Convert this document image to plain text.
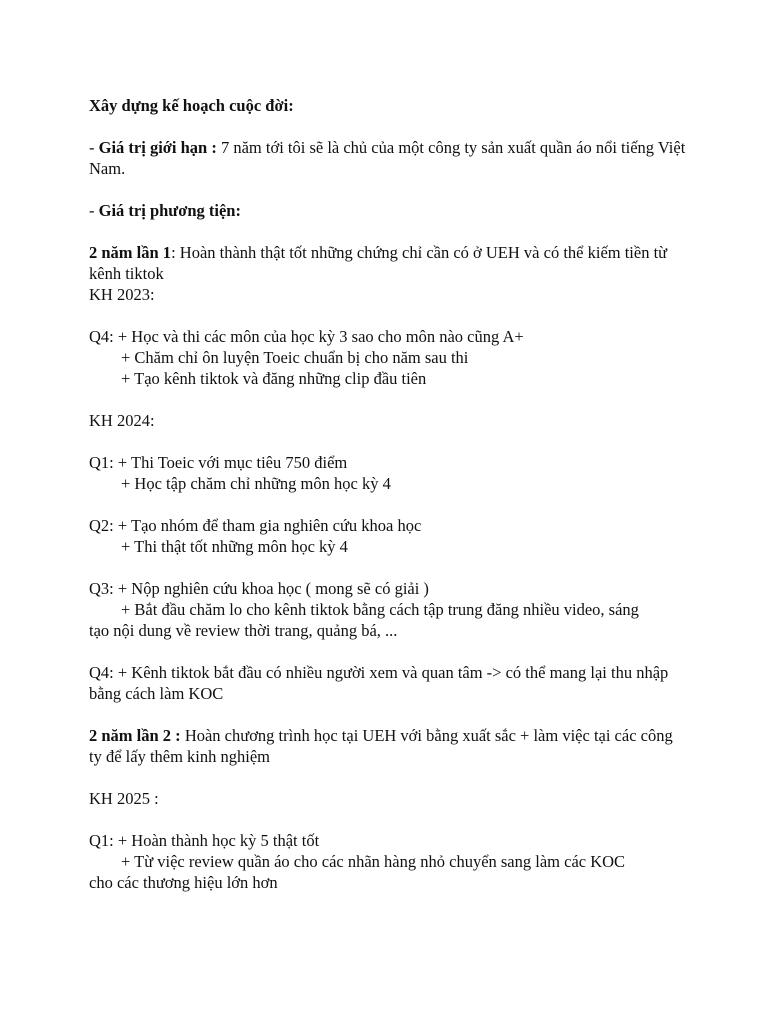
Xây dựng kế hoạch cuộc đời:

- Giá trị giới hạn : 7 năm tới tôi sẽ là chủ của một công ty sản xuất quần áo nổi tiếng Việt Nam.

- Giá trị phương tiện:

2 năm lần 1: Hoàn thành thật tốt những chứng chỉ cần có ở UEH và có thể kiếm tiền từ kênh tiktok

KH 2023:

Q4: + Học và thi các môn của học kỳ 3 sao cho môn nào cũng A+

+ Chăm chỉ ôn luyện Toeic chuẩn bị cho năm sau thi

+ Tạo kênh tiktok và đăng những clip đầu tiên

KH 2024:

Q1: + Thi Toeic với mục tiêu 750 điểm

+ Học tập chăm chỉ những môn học kỳ 4

Q2: + Tạo nhóm để tham gia nghiên cứu khoa học

+ Thi thật tốt những môn học kỳ 4

Q3: + Nộp nghiên cứu khoa học ( mong sẽ có giải )

+ Bắt đầu chăm lo cho kênh tiktok bằng cách tập trung đăng nhiều video, sáng

tạo nội dung về review thời trang, quảng bá, ...

Q4: + Kênh tiktok bắt đầu có nhiều người xem và quan tâm -> có thể mang lại thu nhập bằng cách làm KOC

2 năm lần 2 : Hoàn chương trình học tại UEH với bằng xuất sắc + làm việc tại các công ty để lấy thêm kinh nghiệm

KH 2025 :

Q1: + Hoàn thành học kỳ 5 thật tốt

+ Từ việc review quần áo cho các nhãn hàng nhỏ chuyển sang làm các KOC

cho các thương hiệu lớn hơn
